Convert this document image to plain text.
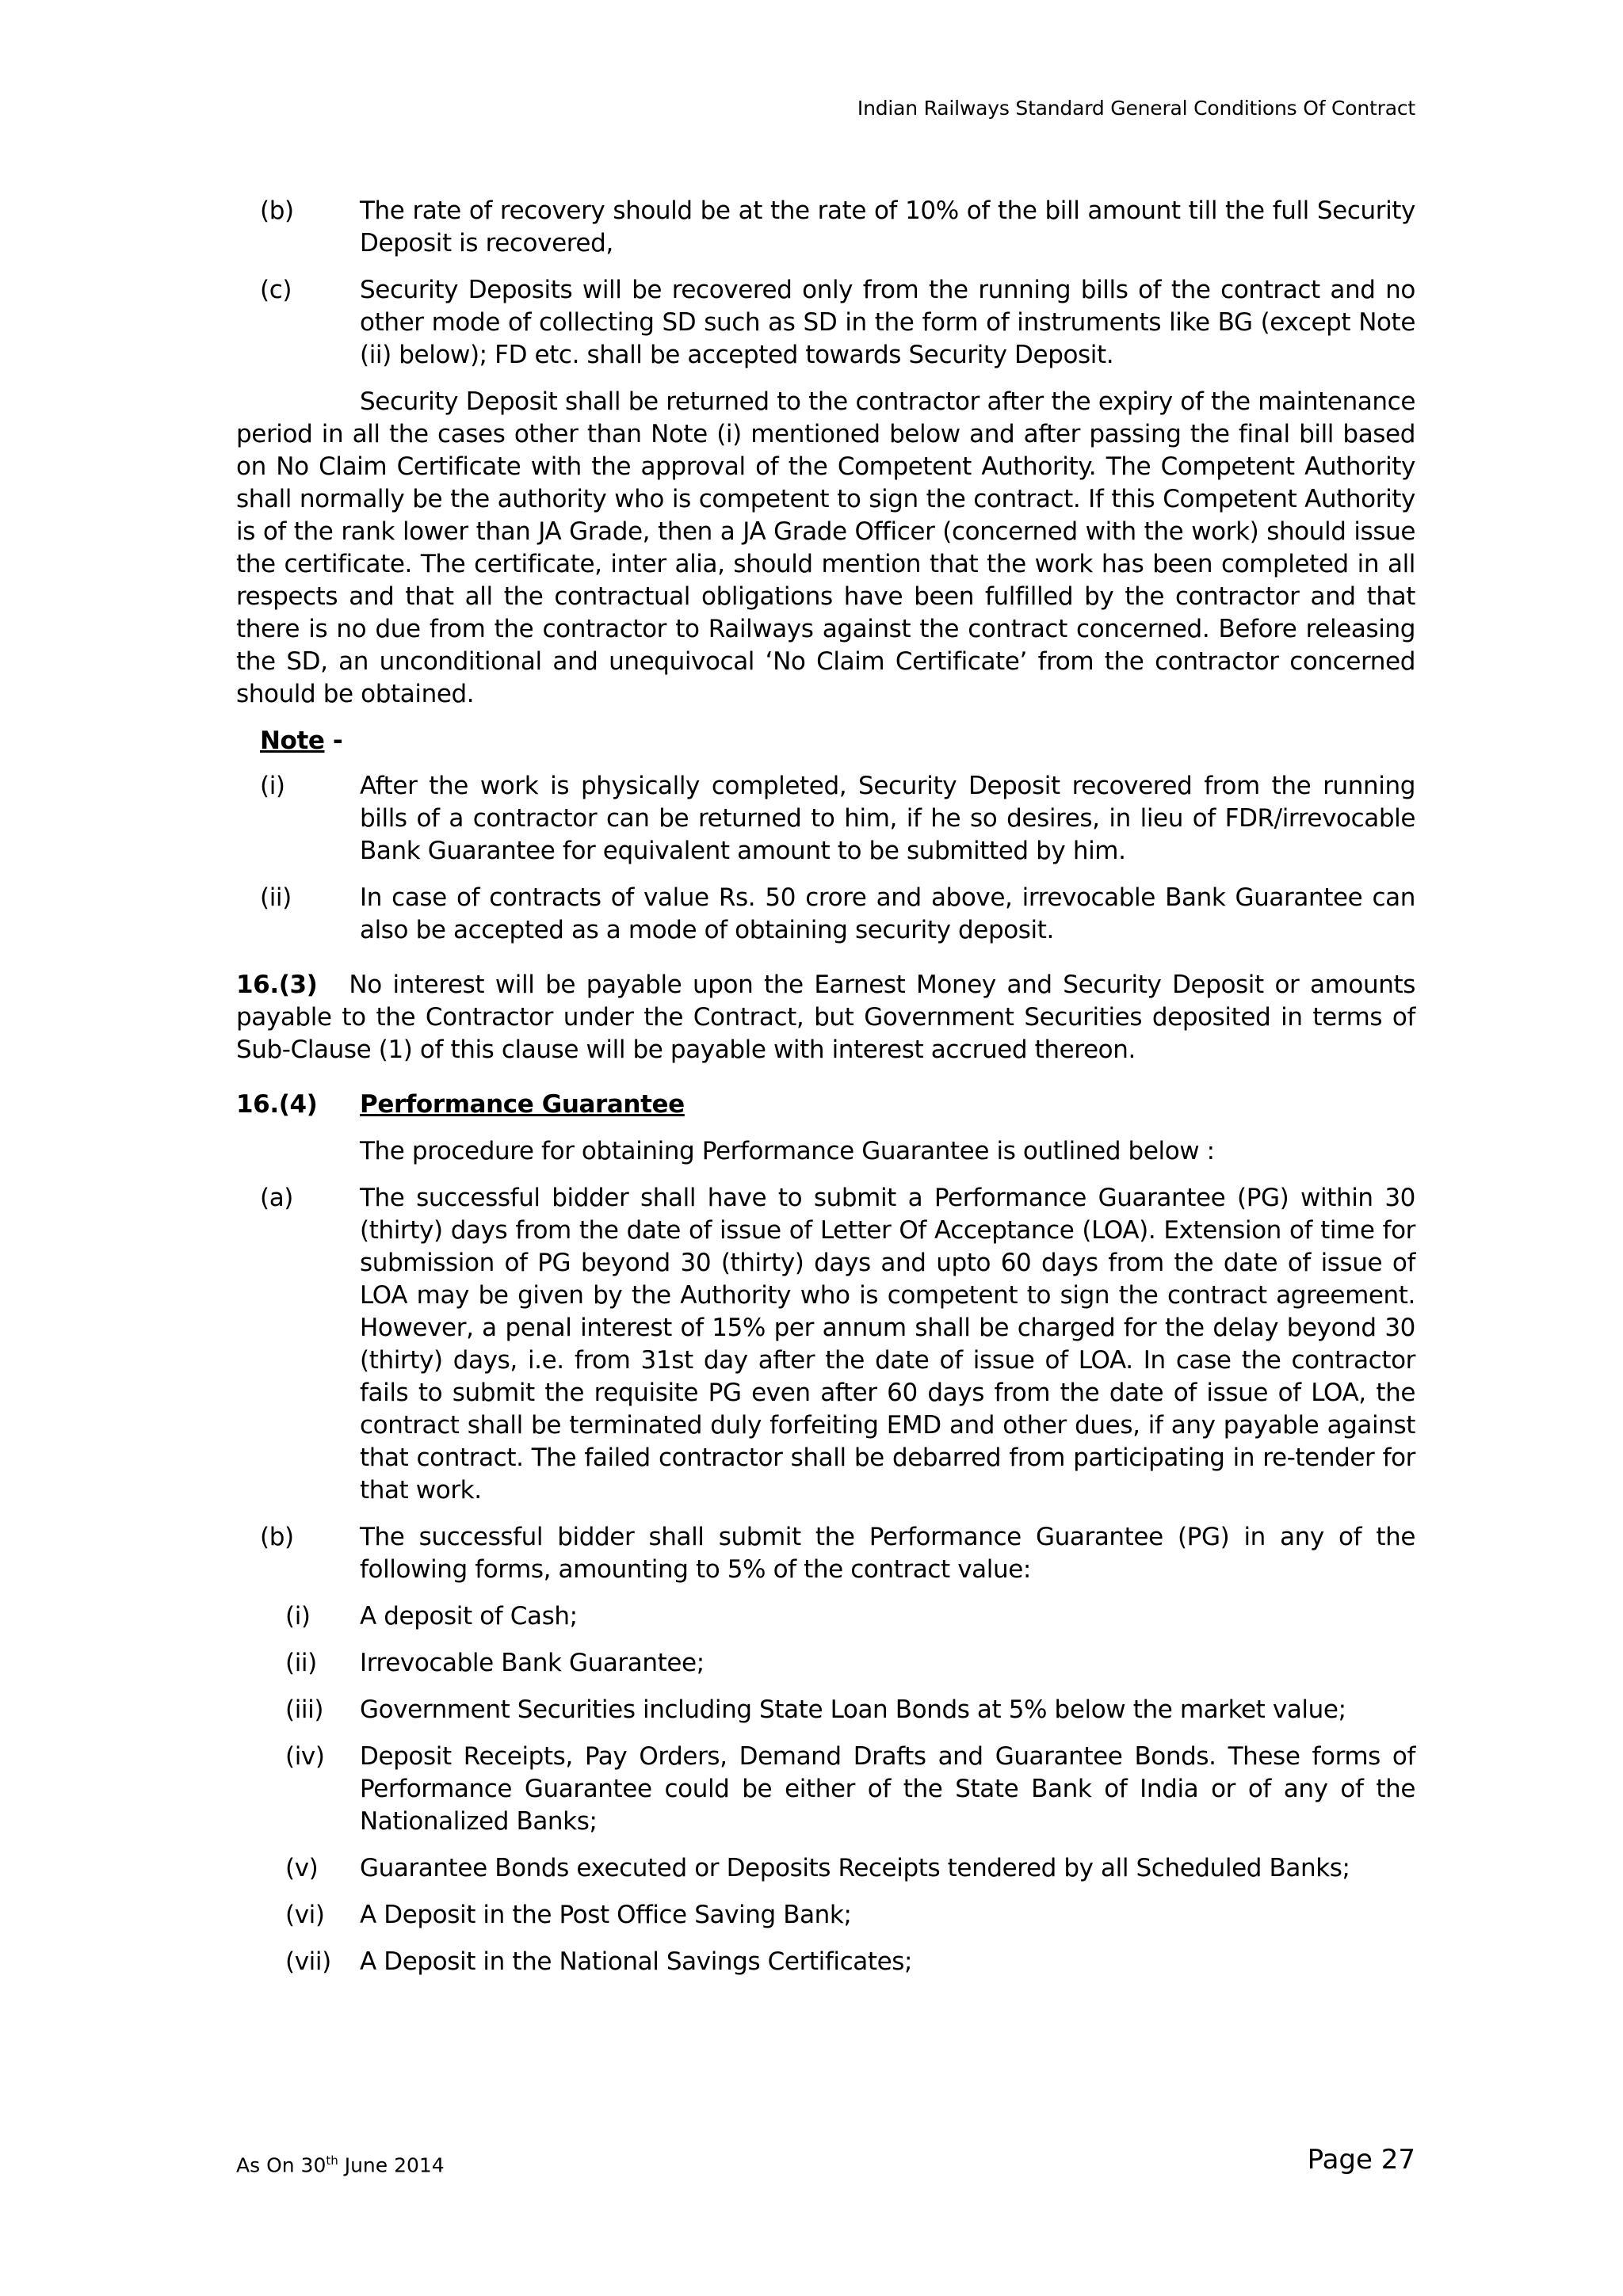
Indian Railways Standard General Conditions Of Contract
(b)	The rate of recovery should be at the rate of 10% of the bill amount till the full Security Deposit is recovered,
(c)	Security Deposits will be recovered only from the running bills of the contract and no other mode of collecting SD such as SD in the form of instruments like BG (except Note (ii) below); FD etc. shall be accepted towards Security Deposit.

Security Deposit shall be returned to the contractor after the expiry of the maintenance period in all the cases other than Note (i) mentioned below and after passing the final bill based on No Claim Certificate with the approval of the Competent Authority. The Competent Authority shall normally be the authority who is competent to sign the contract. If this Competent Authority is of the rank lower than JA Grade, then a JA Grade Officer (concerned with the work) should issue the certificate. The certificate, inter alia, should mention that the work has been completed in all respects and that all the contractual obligations have been fulfilled by the contractor and that there is no due from the contractor to Railways against the contract concerned. Before releasing the SD, an unconditional and unequivocal ‘No Claim Certificate’ from the contractor concerned should be obtained.

Note -
(i)	After the work is physically completed, Security Deposit recovered from the running bills of a contractor can be returned to him, if he so desires, in lieu of FDR/irrevocable Bank Guarantee for equivalent amount to be submitted by him.
(ii)	In case of contracts of value Rs. 50 crore and above, irrevocable Bank Guarantee can also be accepted as a mode of obtaining security deposit.

16.(3) No interest will be payable upon the Earnest Money and Security Deposit or amounts payable to the Contractor under the Contract, but Government Securities deposited in terms of Sub-Clause (1) of this clause will be payable with interest accrued thereon.

16.(4)	Performance Guarantee
The procedure for obtaining Performance Guarantee is outlined below :
(a)	The successful bidder shall have to submit a Performance Guarantee (PG) within 30 (thirty) days from the date of issue of Letter Of Acceptance (LOA). Extension of time for submission of PG beyond 30 (thirty) days and upto 60 days from the date of issue of LOA may be given by the Authority who is competent to sign the contract agreement. However, a penal interest of 15% per annum shall be charged for the delay beyond 30 (thirty) days, i.e. from 31st day after the date of issue of LOA. In case the contractor fails to submit the requisite PG even after 60 days from the date of issue of LOA, the contract shall be terminated duly forfeiting EMD and other dues, if any payable against that contract. The failed contractor shall be debarred from participating in re-tender for that work.
(b)	The successful bidder shall submit the Performance Guarantee (PG) in any of the following forms, amounting to 5% of the contract value:
(i)	A deposit of Cash;
(ii)	Irrevocable Bank Guarantee;
(iii)	Government Securities including State Loan Bonds at 5% below the market value;
(iv)	Deposit Receipts, Pay Orders, Demand Drafts and Guarantee Bonds. These forms of Performance Guarantee could be either of the State Bank of India or of any of the Nationalized Banks;
(v)	Guarantee Bonds executed or Deposits Receipts tendered by all Scheduled Banks;
(vi)	A Deposit in the Post Office Saving Bank;
(vii)	A Deposit in the National Savings Certificates;
As On 30th June 2014	Page 27
